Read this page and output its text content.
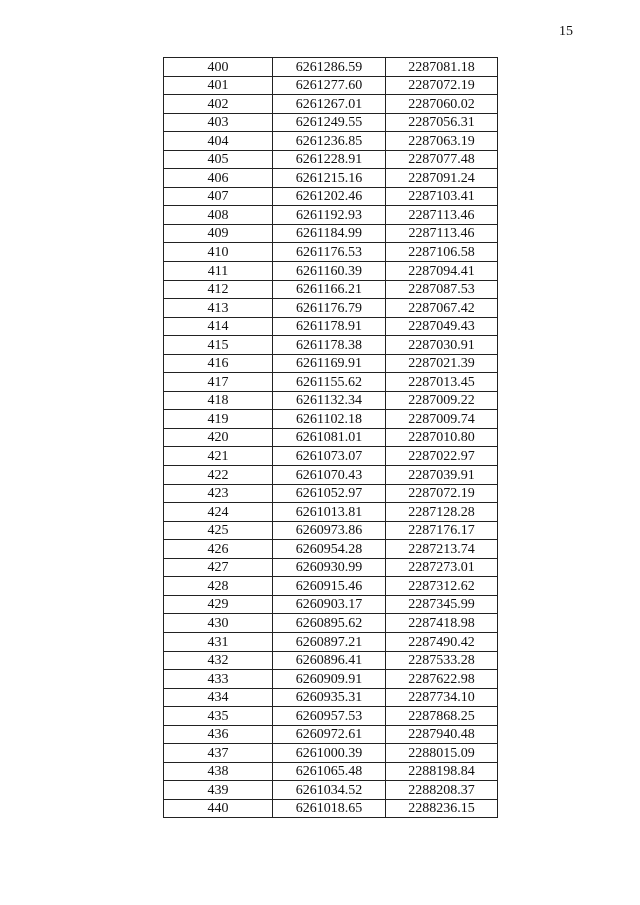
15
400	6261286.59	2287081.18
401	6261277.60	2287072.19
402	6261267.01	2287060.02
403	6261249.55	2287056.31
404	6261236.85	2287063.19
405	6261228.91	2287077.48
406	6261215.16	2287091.24
407	6261202.46	2287103.41
408	6261192.93	2287113.46
409	6261184.99	2287113.46
410	6261176.53	2287106.58
411	6261160.39	2287094.41
412	6261166.21	2287087.53
413	6261176.79	2287067.42
414	6261178.91	2287049.43
415	6261178.38	2287030.91
416	6261169.91	2287021.39
417	6261155.62	2287013.45
418	6261132.34	2287009.22
419	6261102.18	2287009.74
420	6261081.01	2287010.80
421	6261073.07	2287022.97
422	6261070.43	2287039.91
423	6261052.97	2287072.19
424	6261013.81	2287128.28
425	6260973.86	2287176.17
426	6260954.28	2287213.74
427	6260930.99	2287273.01
428	6260915.46	2287312.62
429	6260903.17	2287345.99
430	6260895.62	2287418.98
431	6260897.21	2287490.42
432	6260896.41	2287533.28
433	6260909.91	2287622.98
434	6260935.31	2287734.10
435	6260957.53	2287868.25
436	6260972.61	2287940.48
437	6261000.39	2288015.09
438	6261065.48	2288198.84
439	6261034.52	2288208.37
440	6261018.65	2288236.15
